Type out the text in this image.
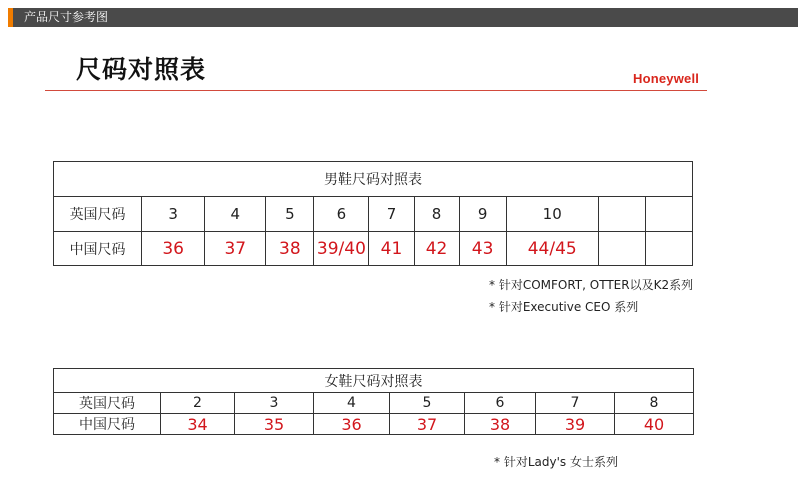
产品尺寸参考图
尺码对照表	Honeywell
男鞋尺码对照表										
英国尺码	3	4	5	6	7	8	9	10		
中国尺码	36	37	38	39/40	41	42	43	44/45		
* 针对COMFORT, OTTER以及K2系列
* 针对Executive CEO 系列
女鞋尺码对照表							
英国尺码	2	3	4	5	6	7	8
中国尺码	34	35	36	37	38	39	40
* 针对Lady's 女士系列
